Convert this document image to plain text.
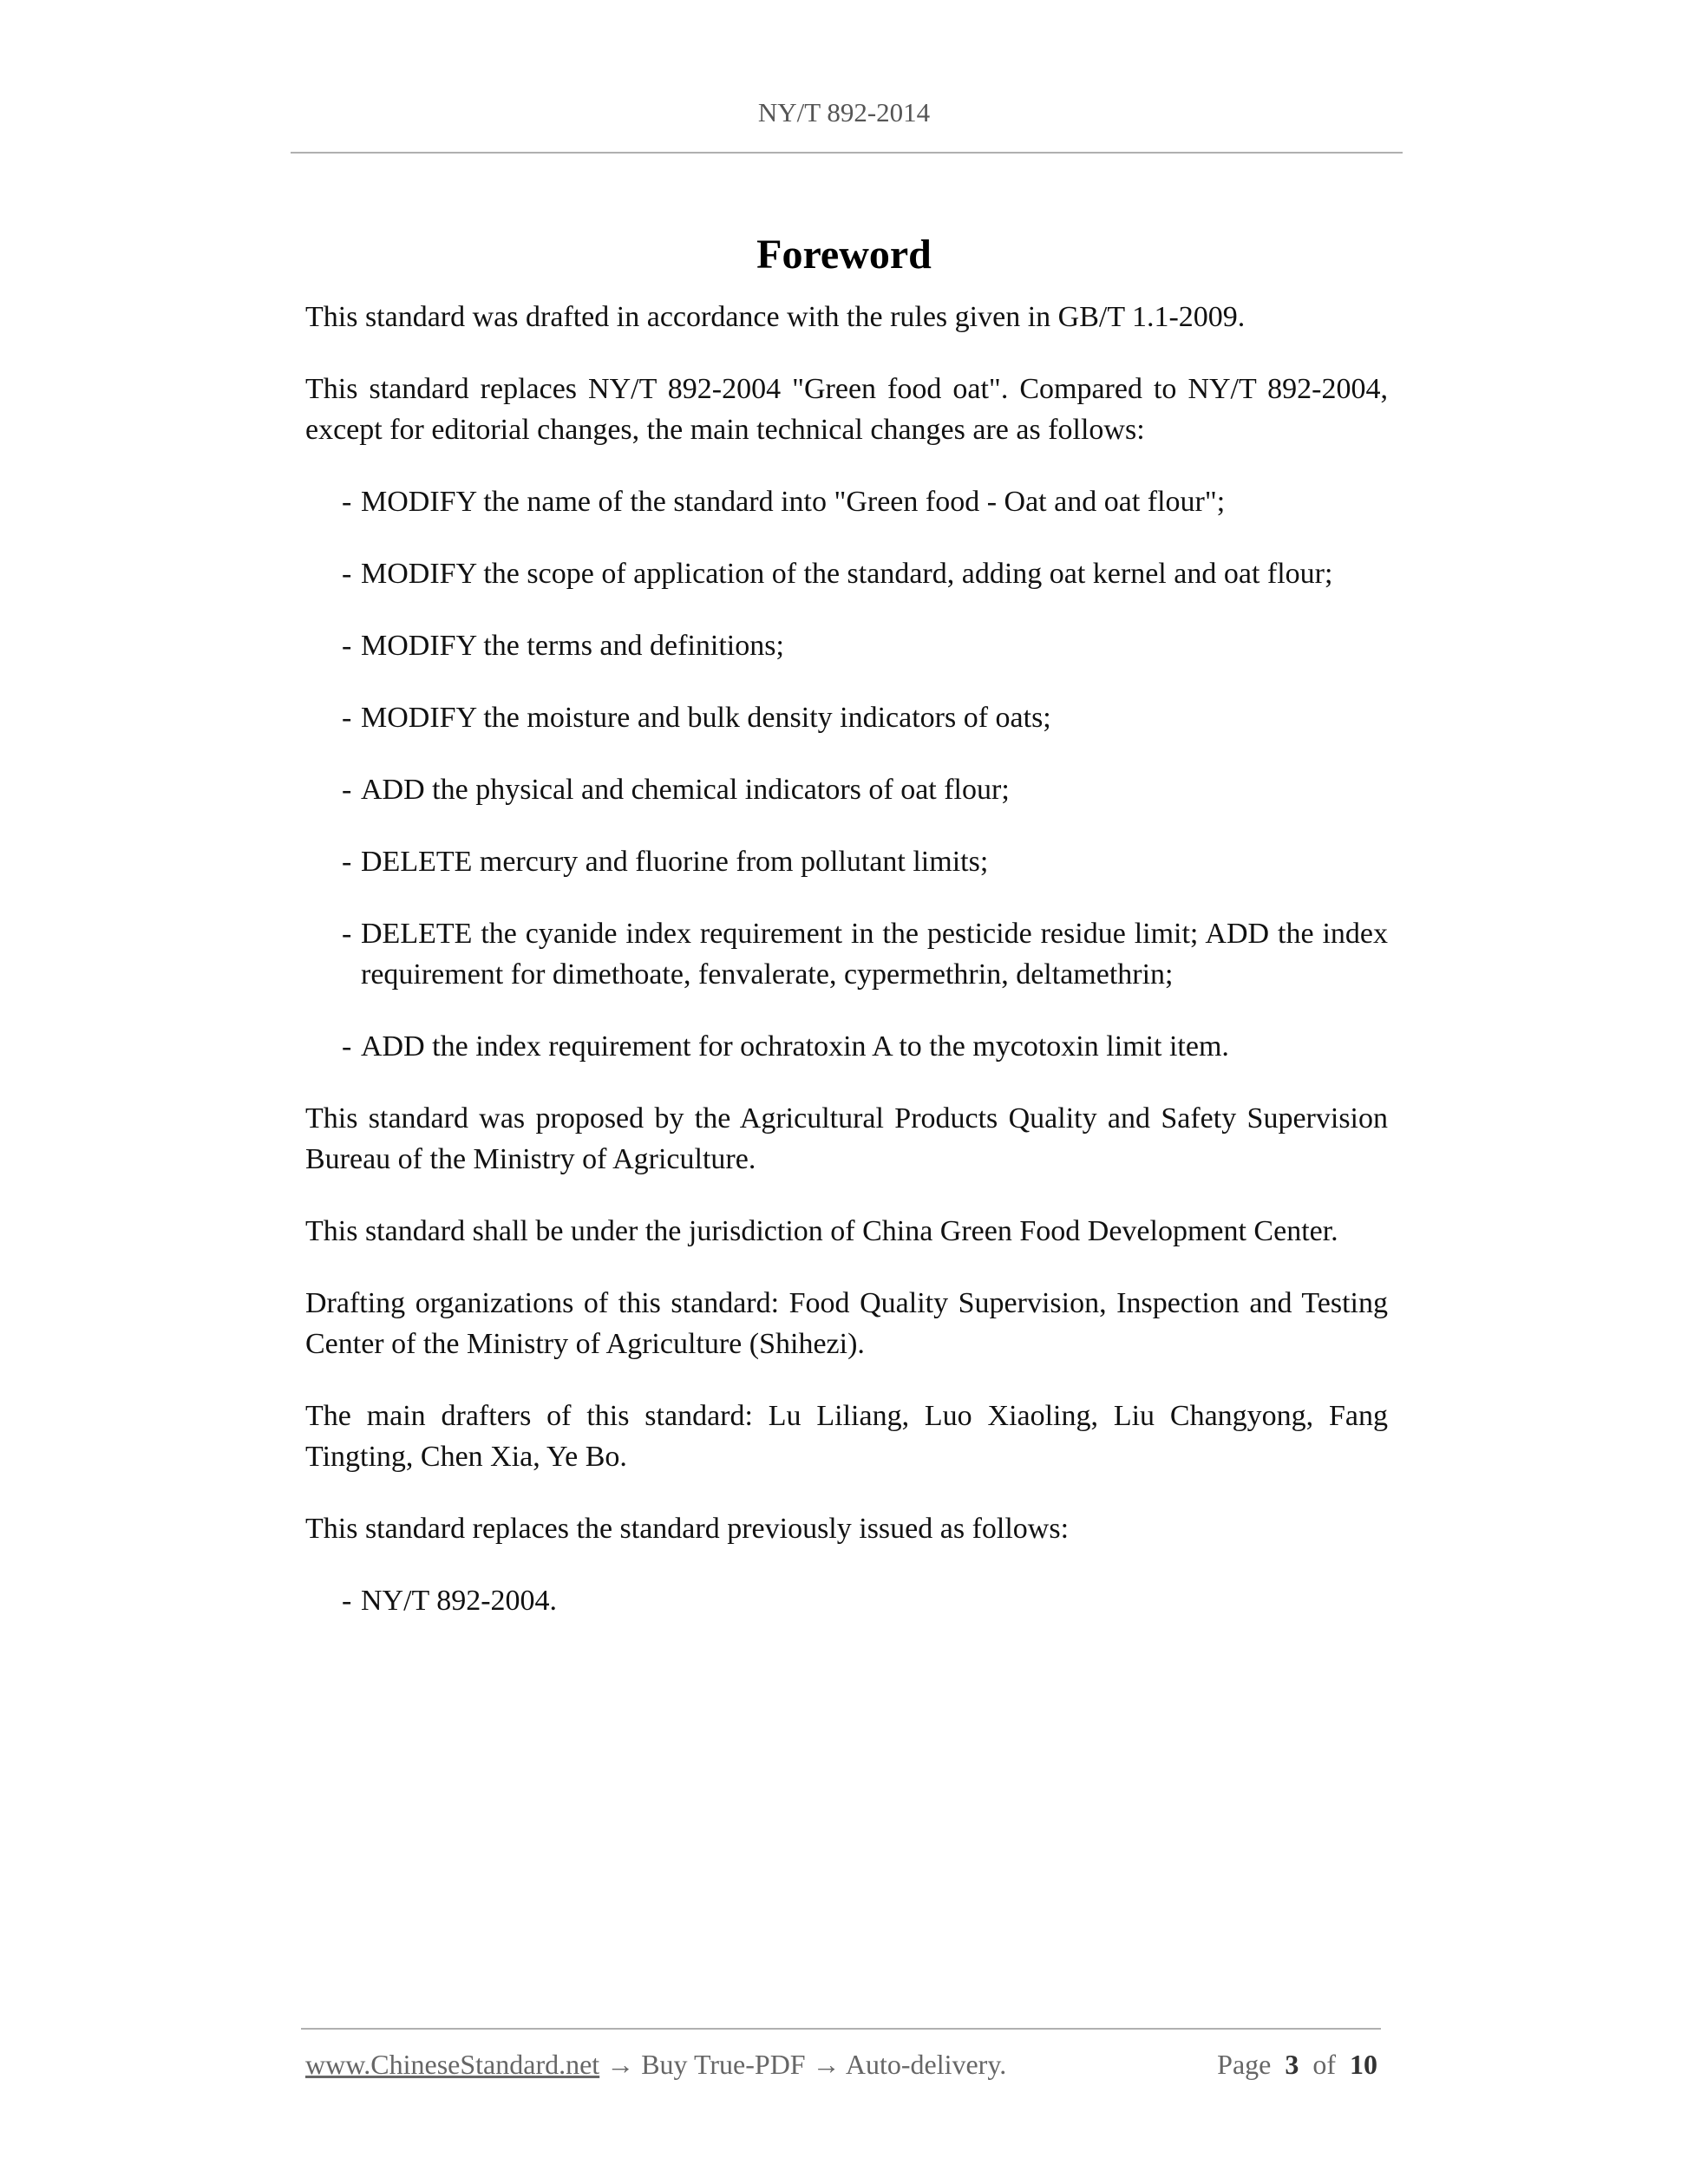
NY/T 892-2014
Foreword

This standard was drafted in accordance with the rules given in GB/T 1.1-2009.

This standard replaces NY/T 892-2004 "Green food oat". Compared to NY/T 892-2004, except for editorial changes, the main technical changes are as follows:

- MODIFY the name of the standard into "Green food - Oat and oat flour";
- MODIFY the scope of application of the standard, adding oat kernel and oat flour;
- MODIFY the terms and definitions;
- MODIFY the moisture and bulk density indicators of oats;
- ADD the physical and chemical indicators of oat flour;
- DELETE mercury and fluorine from pollutant limits;
- DELETE the cyanide index requirement in the pesticide residue limit; ADD the index requirement for dimethoate, fenvalerate, cypermethrin, deltamethrin;
- ADD the index requirement for ochratoxin A to the mycotoxin limit item.

This standard was proposed by the Agricultural Products Quality and Safety Supervision Bureau of the Ministry of Agriculture.

This standard shall be under the jurisdiction of China Green Food Development Center.

Drafting organizations of this standard: Food Quality Supervision, Inspection and Testing Center of the Ministry of Agriculture (Shihezi).

The main drafters of this standard: Lu Liliang, Luo Xiaoling, Liu Changyong, Fang Tingting, Chen Xia, Ye Bo.

This standard replaces the standard previously issued as follows:

- NY/T 892-2004.
www.ChineseStandard.net → Buy True-PDF → Auto-delivery.	Page 3 of 10
